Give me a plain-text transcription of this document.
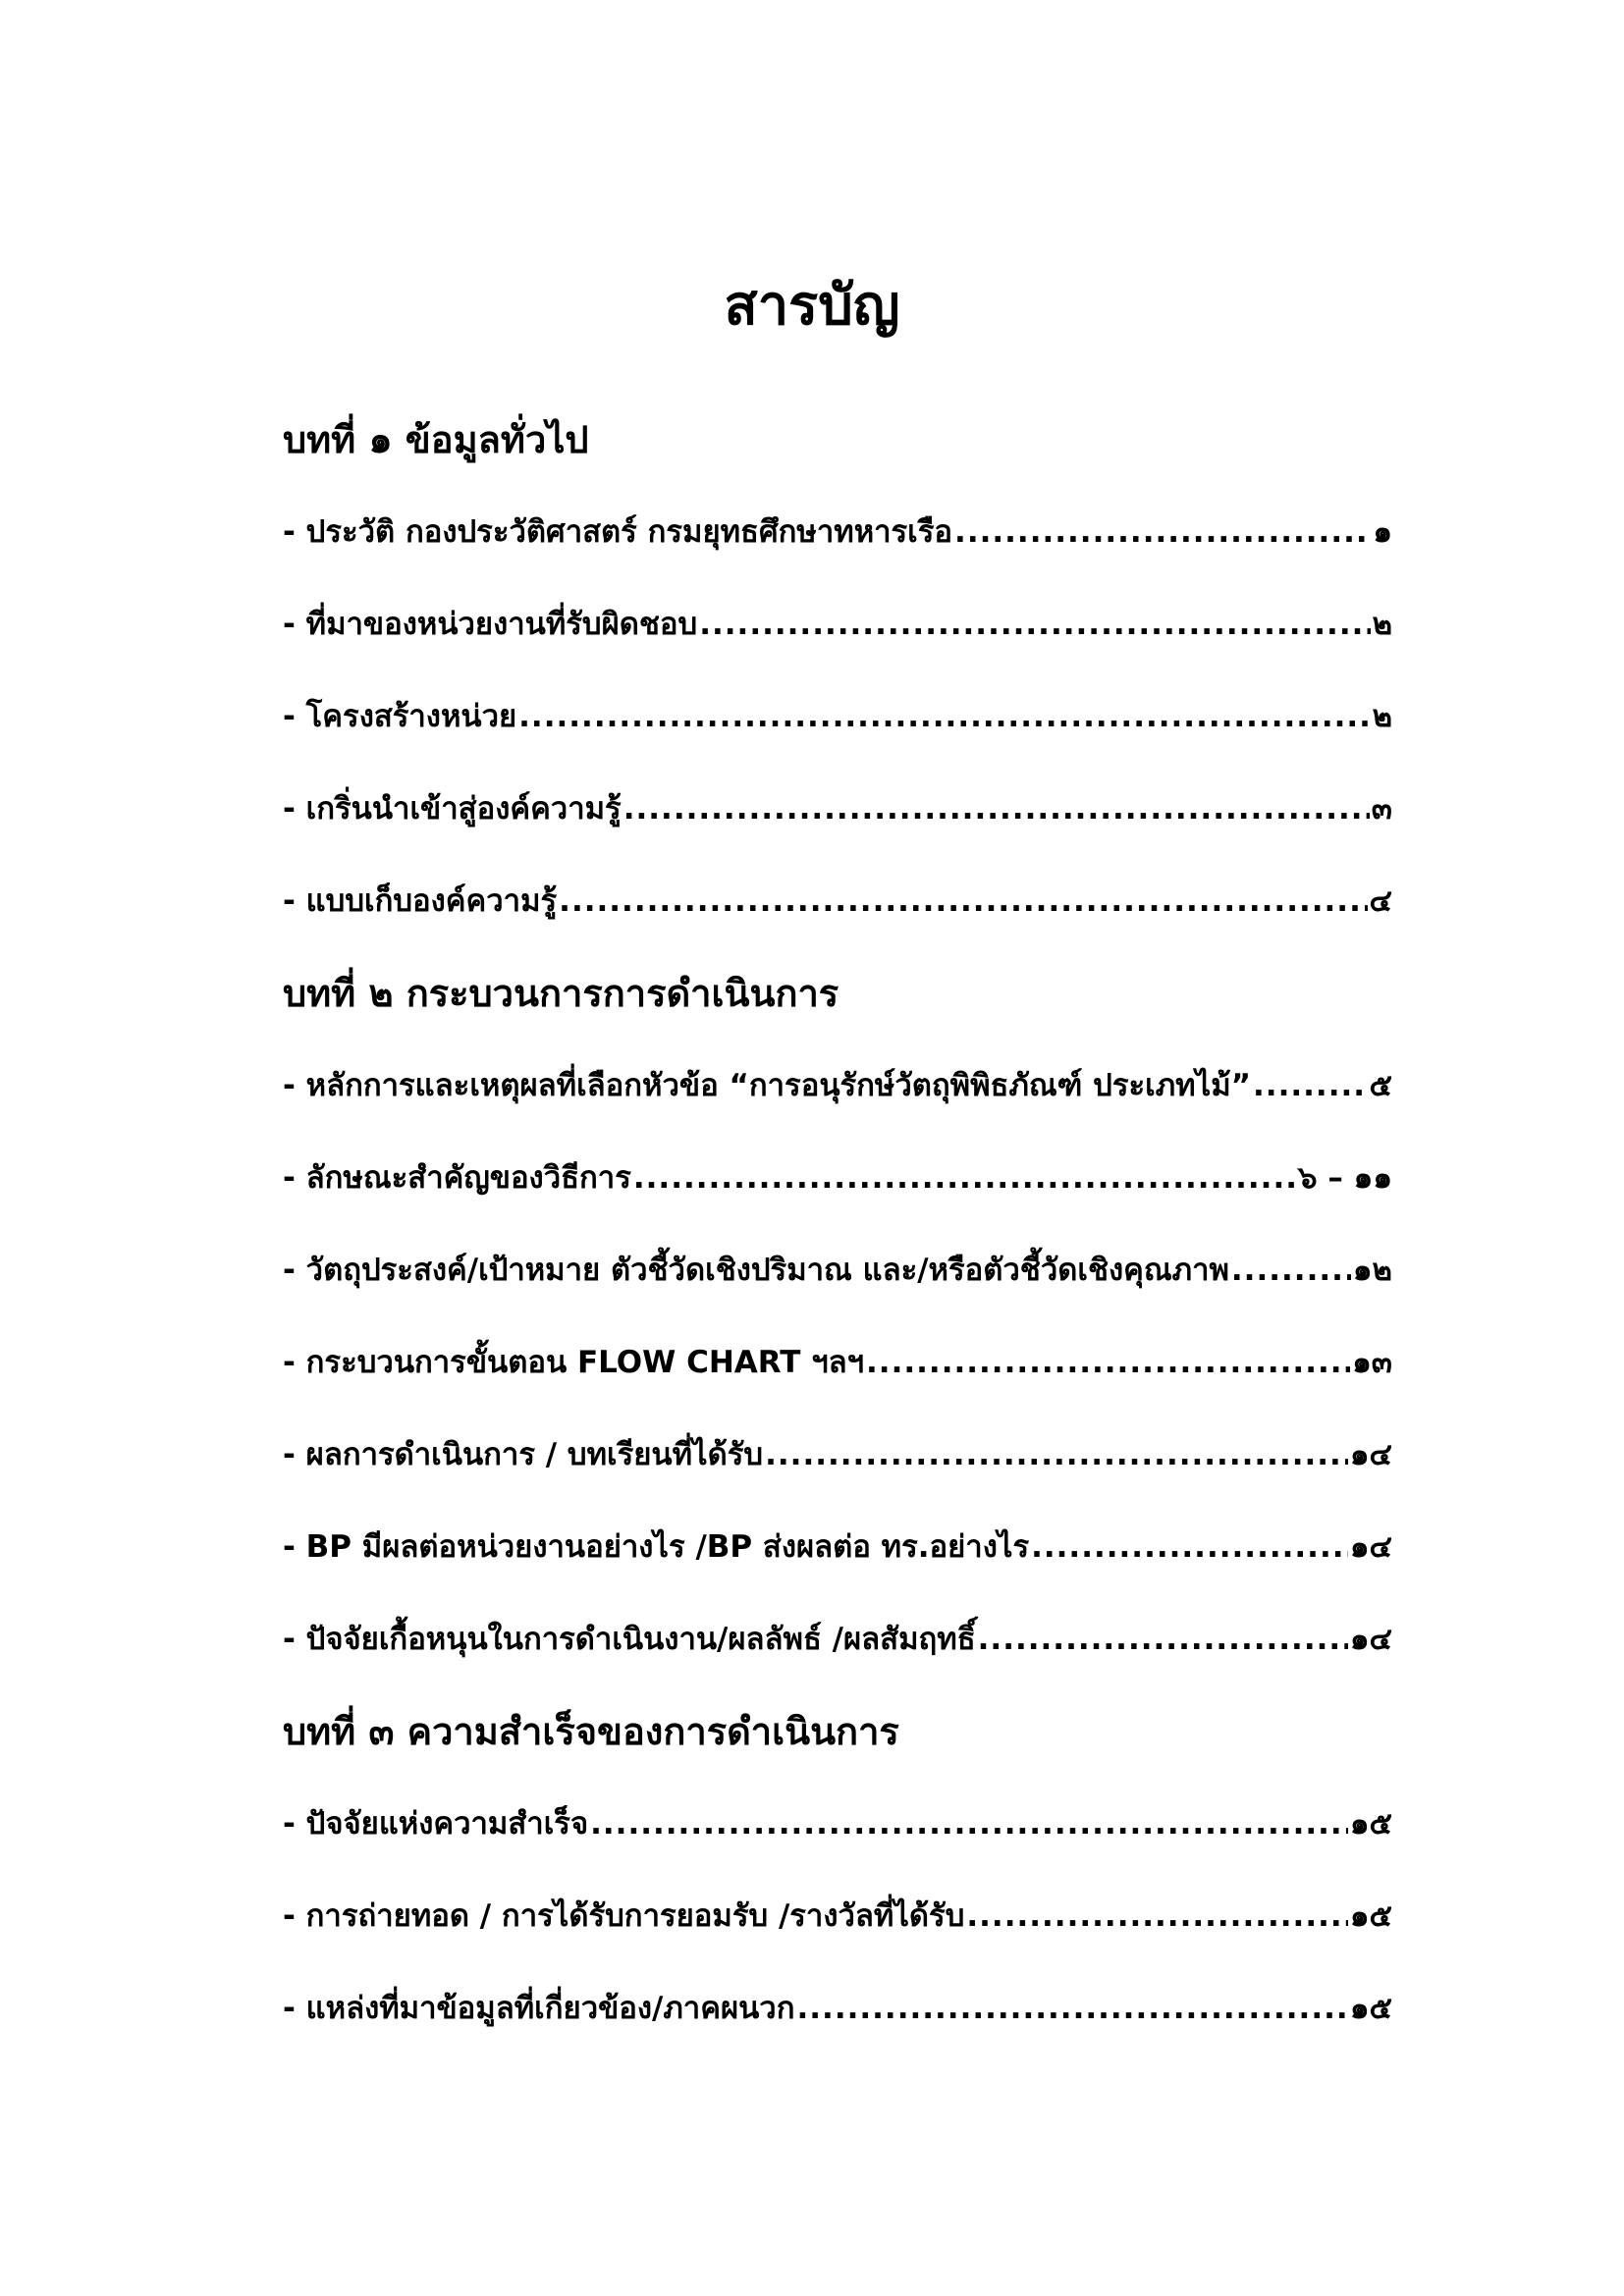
สารบัญ
บทที่ ๑ ข้อมูลทั่วไป
- ประวัติ กองประวัติศาสตร์ กรมยุทธศึกษาทหารเรือ .....	๑
- ที่มาของหน่วยงานที่รับผิดชอบ .....	๒
- โครงสร้างหน่วย .....	๒
- เกริ่นนำเข้าสู่องค์ความรู้ .....	๓
- แบบเก็บองค์ความรู้ .....	๔
บทที่ ๒ กระบวนการการดำเนินการ
- หลักการและเหตุผลที่เลือกหัวข้อ “การอนุรักษ์วัตถุพิพิธภัณฑ์ ประเภทไม้” .....	๕
- ลักษณะสำคัญของวิธีการ .....	๖ – ๑๑
- วัตถุประสงค์/เป้าหมาย ตัวชี้วัดเชิงปริมาณ และ/หรือตัวชี้วัดเชิงคุณภาพ .....	๑๒
- กระบวนการขั้นตอน FLOW CHART ฯลฯ .....	๑๓
- ผลการดำเนินการ / บทเรียนที่ได้รับ .....	๑๔
- BP มีผลต่อหน่วยงานอย่างไร /BP ส่งผลต่อ ทร.อย่างไร .....	๑๔
- ปัจจัยเกื้อหนุนในการดำเนินงาน/ผลลัพธ์ /ผลสัมฤทธิ์ .....	๑๔
บทที่ ๓ ความสำเร็จของการดำเนินการ
- ปัจจัยแห่งความสำเร็จ .....	๑๕
- การถ่ายทอด / การได้รับการยอมรับ /รางวัลที่ได้รับ .....	๑๕
- แหล่งที่มาข้อมูลที่เกี่ยวข้อง/ภาคผนวก .....	๑๕
